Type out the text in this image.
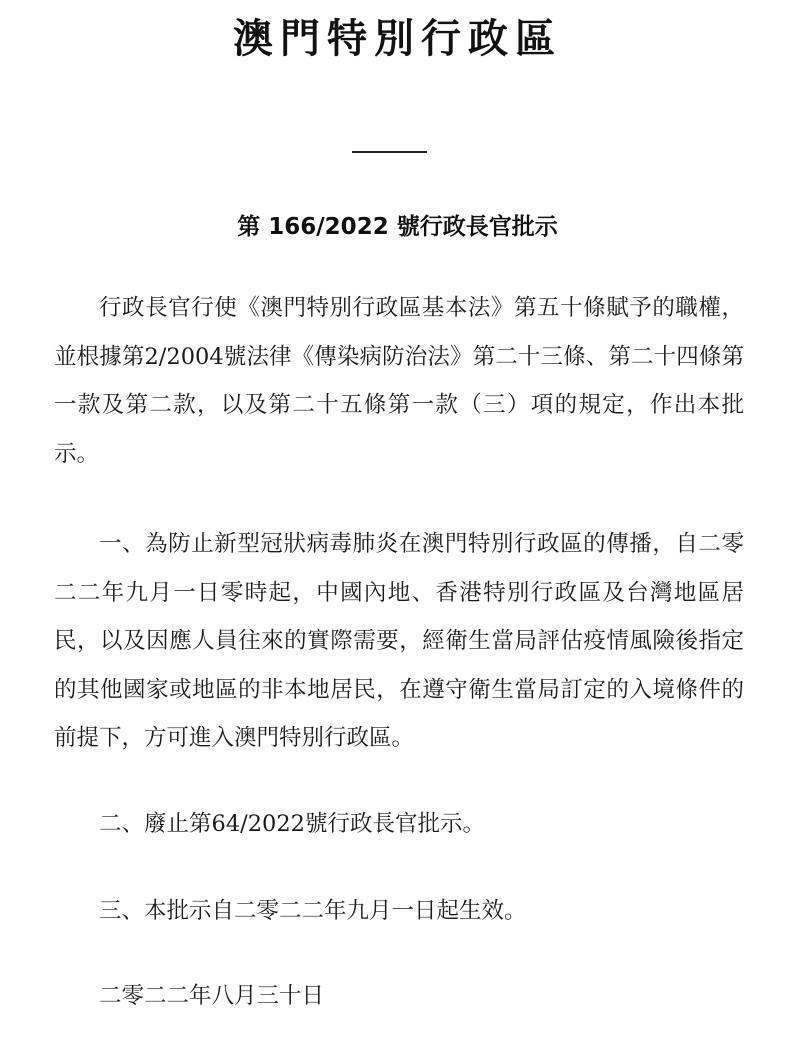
澳門特別行政區
第 166/2022 號行政長官批示

行政長官行使《澳門特別行政區基本法》第五十條賦予的職權，並根據第2/2004號法律《傳染病防治法》第二十三條、第二十四條第一款及第二款，以及第二十五條第一款（三）項的規定，作出本批示。

一、為防止新型冠狀病毒肺炎在澳門特別行政區的傳播，自二零二二年九月一日零時起，中國內地、香港特別行政區及台灣地區居民，以及因應人員往來的實際需要，經衛生當局評估疫情風險後指定的其他國家或地區的非本地居民，在遵守衛生當局訂定的入境條件的前提下，方可進入澳門特別行政區。

二、廢止第64/2022號行政長官批示。

三、本批示自二零二二年九月一日起生效。

二零二二年八月三十日
